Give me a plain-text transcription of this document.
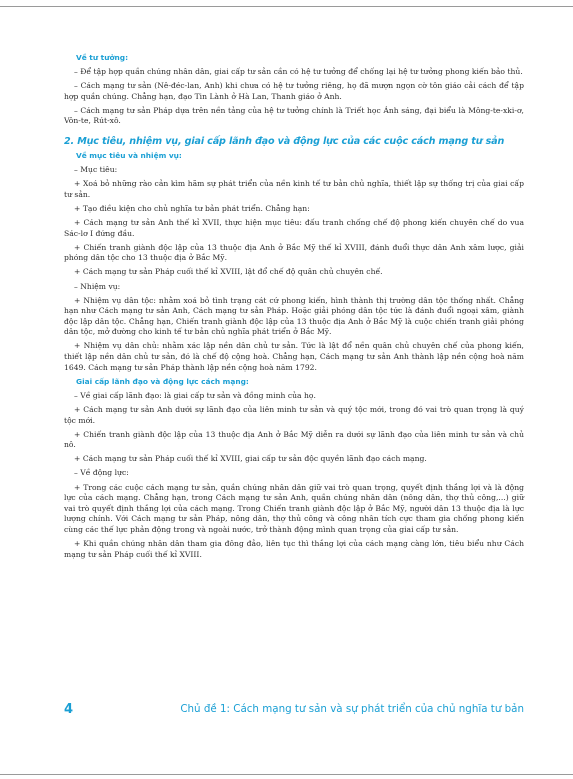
Về tư tưởng:

– Để tập hợp quần chúng nhân dân, giai cấp tư sản cần có hệ tư tưởng để chống lại hệ tư tưởng phong kiến bảo thủ.

– Cách mạng tư sản (Nê-đéc-lan, Anh) khi chưa có hệ tư tưởng riêng, họ đã mượn ngọn cờ tôn giáo cải cách để tập hợp quần chúng. Chẳng hạn, đạo Tin Lành ở Hà Lan, Thanh giáo ở Anh.

– Cách mạng tư sản Pháp dựa trên nền tảng của hệ tư tưởng chính là Triết học Ánh sáng, đại biểu là Mông-te-xki-ơ, Vôn-te, Rút-xô.

2. Mục tiêu, nhiệm vụ, giai cấp lãnh đạo và động lực của các cuộc cách mạng tư sản
Về mục tiêu và nhiệm vụ:

– Mục tiêu:

+ Xoá bỏ những rào cản kìm hãm sự phát triển của nền kinh tế tư bản chủ nghĩa, thiết lập sự thống trị của giai cấp tư sản.

+ Tạo điều kiện cho chủ nghĩa tư bản phát triển. Chẳng hạn:

+ Cách mạng tư sản Anh thế kỉ XVII, thực hiện mục tiêu: đấu tranh chống chế độ phong kiến chuyên chế do vua Sác-lơ I đứng đầu.

+ Chiến tranh giành độc lập của 13 thuộc địa Anh ở Bắc Mỹ thế kỉ XVIII, đánh đuổi thực dân Anh xâm lược, giải phóng dân tộc cho 13 thuộc địa ở Bắc Mỹ.

+ Cách mạng tư sản Pháp cuối thế kỉ XVIII, lật đổ chế độ quân chủ chuyên chế.

– Nhiệm vụ:

+ Nhiệm vụ dân tộc: nhằm xoá bỏ tình trạng cát cứ phong kiến, hình thành thị trường dân tộc thống nhất. Chẳng hạn như Cách mạng tư sản Anh, Cách mạng tư sản Pháp. Hoặc giải phóng dân tộc tức là đánh đuổi ngoại xâm, giành độc lập dân tộc. Chẳng hạn, Chiến tranh giành độc lập của 13 thuộc địa Anh ở Bắc Mỹ là cuộc chiến tranh giải phóng dân tộc, mở đường cho kinh tế tư bản chủ nghĩa phát triển ở Bắc Mỹ.

+ Nhiệm vụ dân chủ: nhằm xác lập nền dân chủ tư sản. Tức là lật đổ nền quân chủ chuyên chế của phong kiến, thiết lập nền dân chủ tư sản, đó là chế độ cộng hoà. Chẳng hạn, Cách mạng tư sản Anh thành lập nền cộng hoà năm 1649. Cách mạng tư sản Pháp thành lập nền cộng hoà năm 1792.

Giai cấp lãnh đạo và động lực cách mạng:

– Về giai cấp lãnh đạo: là giai cấp tư sản và đồng minh của họ.

+ Cách mạng tư sản Anh dưới sự lãnh đạo của liên minh tư sản và quý tộc mới, trong đó vai trò quan trọng là quý tộc mới.

+ Chiến tranh giành độc lập của 13 thuộc địa Anh ở Bắc Mỹ diễn ra dưới sự lãnh đạo của liên minh tư sản và chủ nô.

+ Cách mạng tư sản Pháp cuối thế kỉ XVIII, giai cấp tư sản độc quyền lãnh đạo cách mạng.

– Về động lực:

+ Trong các cuộc cách mạng tư sản, quần chúng nhân dân giữ vai trò quan trọng, quyết định thắng lợi và là động lực của cách mạng. Chẳng hạn, trong Cách mạng tư sản Anh, quần chúng nhân dân (nông dân, thợ thủ công,...) giữ vai trò quyết định thắng lợi của cách mạng. Trong Chiến tranh giành độc lập ở Bắc Mỹ, người dân 13 thuộc địa là lực lượng chính. Với Cách mạng tư sản Pháp, nông dân, thợ thủ công và công nhân tích cực tham gia chống phong kiến cùng các thế lực phản động trong và ngoài nước, trở thành động mình quan trọng của giai cấp tư sản.

+ Khi quần chúng nhân dân tham gia đông đảo, liên tục thì thắng lợi của cách mạng càng lớn, tiêu biểu như Cách mạng tư sản Pháp cuối thế kỉ XVIII.

4	Chủ đề 1: Cách mạng tư sản và sự phát triển của chủ nghĩa tư bản
